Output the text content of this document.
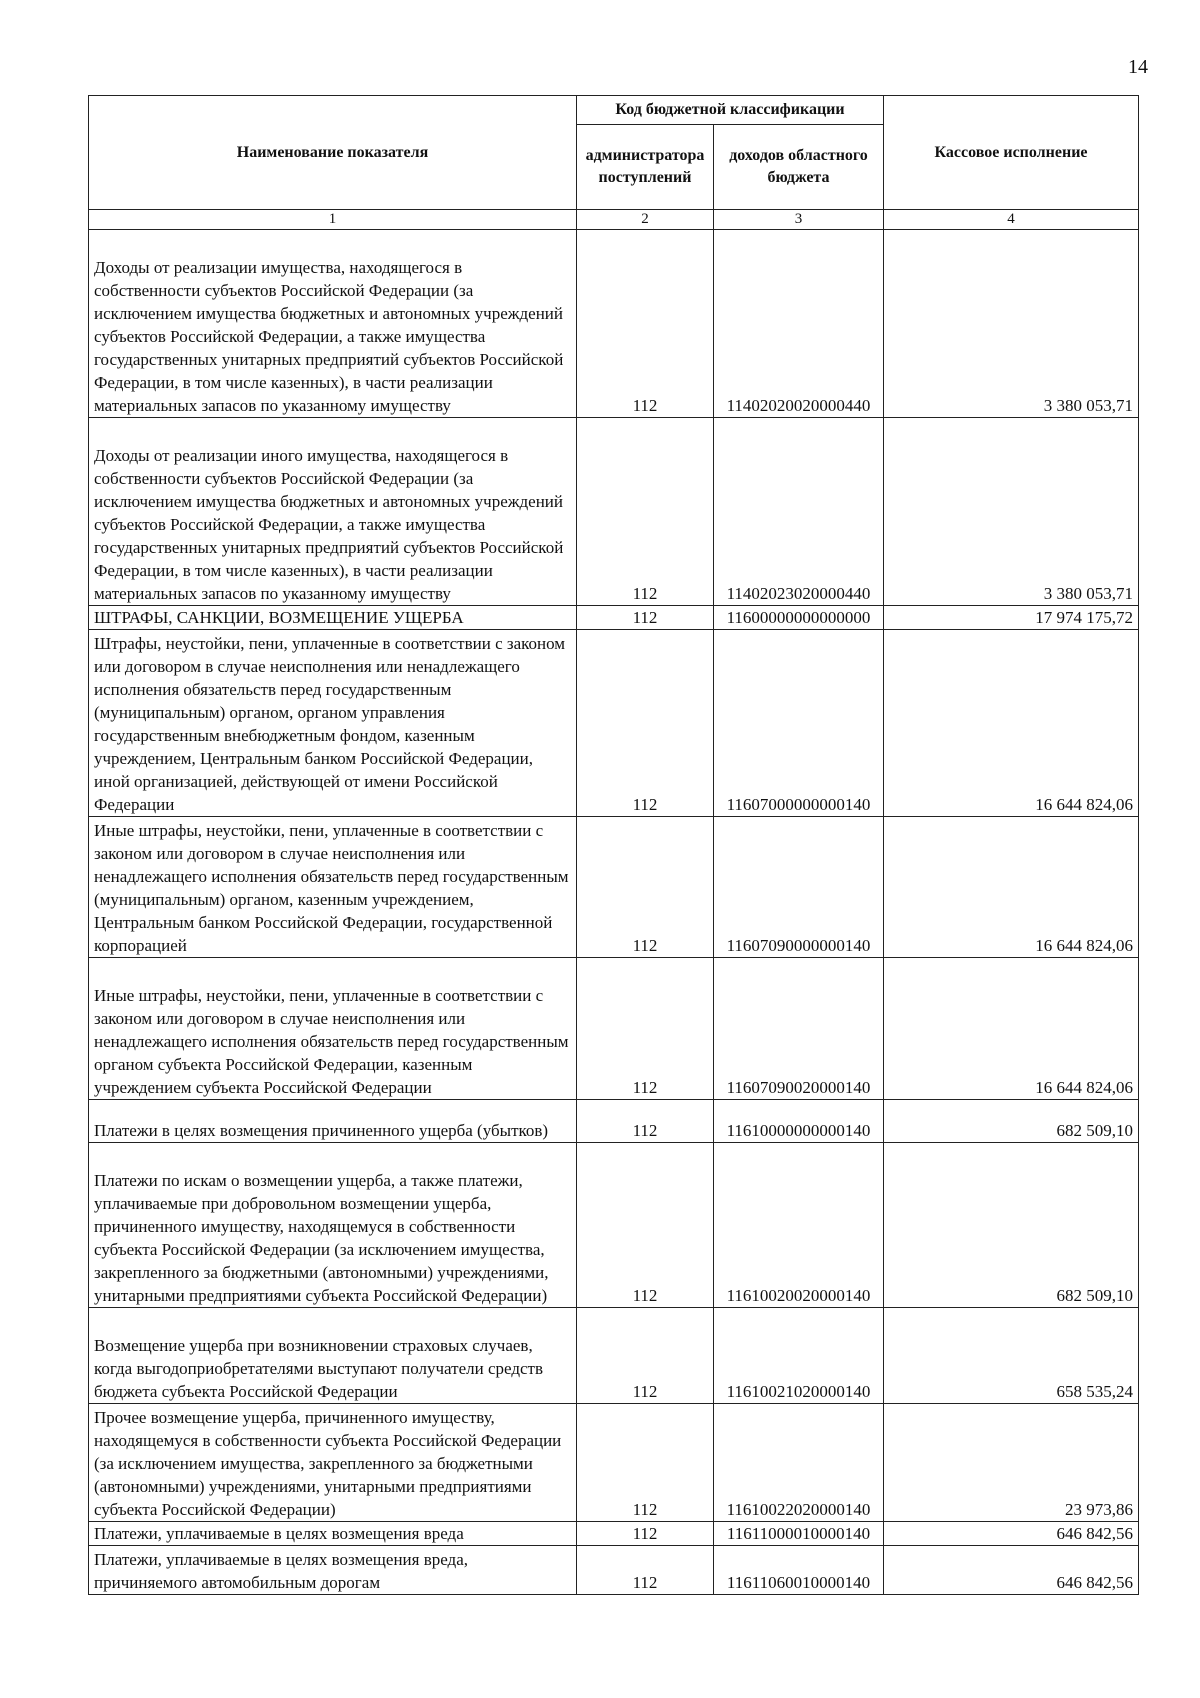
14
Наименование показателя	Код бюджетной классификации		Кассовое исполнение
	администратора поступлений	доходов областного бюджета	
1	2	3	4
Доходы от реализации имущества, находящегося в собственности субъектов Российской Федерации (за исключением имущества бюджетных и автономных учреждений субъектов Российской Федерации, а также имущества государственных унитарных предприятий субъектов Российской Федерации, в том числе казенных), в части реализации материальных запасов по указанному имуществу	112	11402020020000440	3 380 053,71
Доходы от реализации иного имущества, находящегося в собственности субъектов Российской Федерации (за исключением имущества бюджетных и автономных учреждений субъектов Российской Федерации, а также имущества государственных унитарных предприятий субъектов Российской Федерации, в том числе казенных), в части реализации материальных запасов по указанному имуществу	112	11402023020000440	3 380 053,71
ШТРАФЫ, САНКЦИИ, ВОЗМЕЩЕНИЕ УЩЕРБА	112	11600000000000000	17 974 175,72
Штрафы, неустойки, пени, уплаченные в соответствии с законом или договором в случае неисполнения или ненадлежащего исполнения обязательств перед государственным (муниципальным) органом, органом управления государственным внебюджетным фондом, казенным учреждением, Центральным банком Российской Федерации, иной организацией, действующей от имени Российской Федерации	112	11607000000000140	16 644 824,06
Иные штрафы, неустойки, пени, уплаченные в соответствии с законом или договором в случае неисполнения или ненадлежащего исполнения обязательств перед государственным (муниципальным) органом, казенным учреждением, Центральным банком Российской Федерации, государственной корпорацией	112	11607090000000140	16 644 824,06
Иные штрафы, неустойки, пени, уплаченные в соответствии с законом или договором в случае неисполнения или ненадлежащего исполнения обязательств перед государственным органом субъекта Российской Федерации, казенным учреждением субъекта Российской Федерации	112	11607090020000140	16 644 824,06
Платежи в целях возмещения причиненного ущерба (убытков)	112	11610000000000140	682 509,10
Платежи по искам о возмещении ущерба, а также платежи, уплачиваемые при добровольном возмещении ущерба, причиненного имуществу, находящемуся в собственности субъекта Российской Федерации (за исключением имущества, закрепленного за бюджетными (автономными) учреждениями, унитарными предприятиями субъекта Российской Федерации)	112	11610020020000140	682 509,10
Возмещение ущерба при возникновении страховых случаев, когда выгодоприобретателями выступают получатели средств бюджета субъекта Российской Федерации	112	11610021020000140	658 535,24
Прочее возмещение ущерба, причиненного имуществу, находящемуся в собственности субъекта Российской Федерации (за исключением имущества, закрепленного за бюджетными (автономными) учреждениями, унитарными предприятиями субъекта Российской Федерации)	112	11610022020000140	23 973,86
Платежи, уплачиваемые в целях возмещения вреда	112	11611000010000140	646 842,56
Платежи, уплачиваемые в целях возмещения вреда, причиняемого автомобильным дорогам	112	11611060010000140	646 842,56
